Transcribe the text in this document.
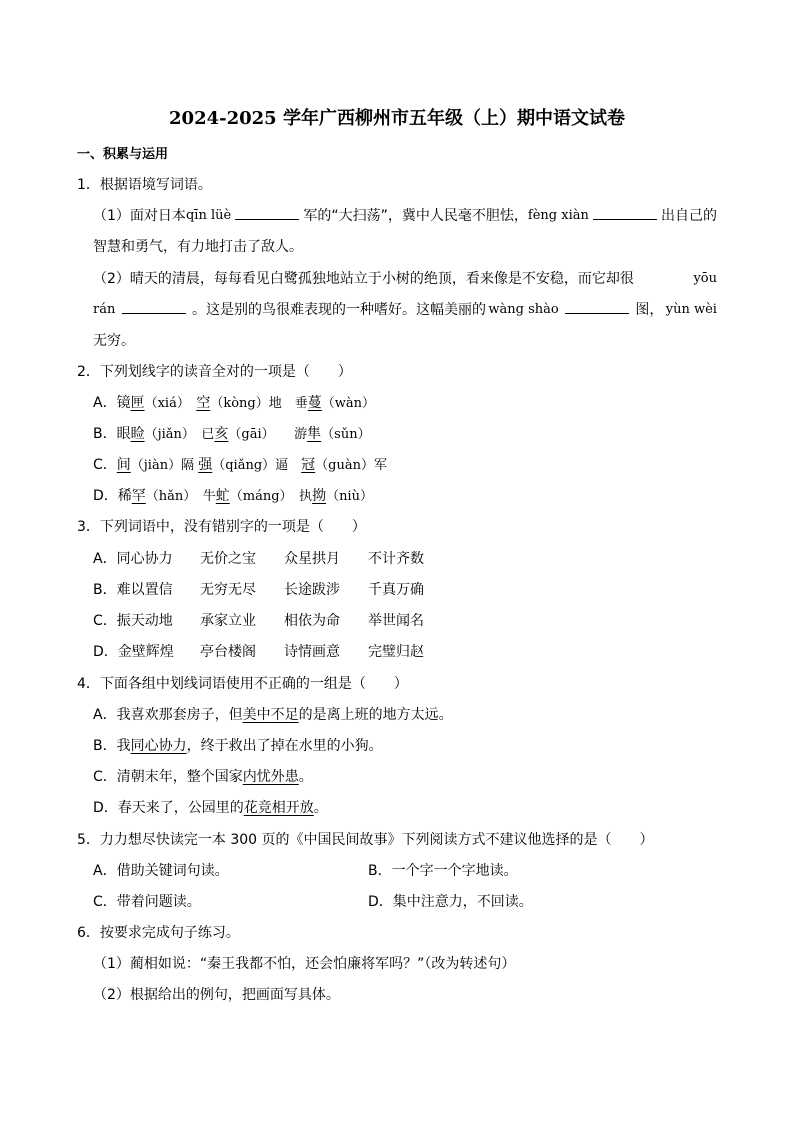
2024-2025 学年广西柳州市五年级（上）期中语文试卷
一、积累与运用
1．根据语境写词语。
（1）面对日本 qīn lüè	军的“大扫荡”，冀中人民毫不胆怯， fèng xiàn	出自己的
智慧和勇气，有力地打击了敌人。
（2）晴天的清晨，每每看见白鹭孤独地站立于小树的绝顶，看来像是不安稳，而它却很	yōu
rán	。这是别的鸟很难表现的一种嗜好。这幅美丽的 wàng shào	图， yùn wèi
无穷。
2．下列划线字的读音全对的一项是（　　）
A．镜匣（xiá）　空（kòng）地　垂蔓（wàn）
B．眼睑（jiǎn）　已亥（gāi）　　游隼（sǔn）
C．间（jiàn）隔 强（qiǎng）逼　冠（guàn）军
D．稀罕（hǎn）　牛虻（máng）　执拗（niù）
3．下列词语中，没有错别字的一项是（　　）
A．同心协力 无价之宝 众星拱月 不计齐数
B．难以置信 无穷无尽 长途跋涉 千真万确
C．振天动地 承家立业 相依为命 举世闻名
D．金壁辉煌 亭台楼阁 诗情画意 完璧归赵
4．下面各组中划线词语使用不正确的一组是（　　）
A．我喜欢那套房子，但美中不足的是离上班的地方太远。
B．我同心协力，终于救出了掉在水里的小狗。
C．清朝末年，整个国家内忧外患。
D．春天来了，公园里的花竞相开放。
5．力力想尽快读完一本 300 页的《中国民间故事》下列阅读方式不建议他选择的是（　　）
A．借助关键词句读。	B．一个字一个字地读。
C．带着问题读。	D．集中注意力，不回读。
6．按要求完成句子练习。
（1）蔺相如说：“秦王我都不怕，还会怕廉将军吗？”（改为转述句）
（2）根据给出的例句，把画面写具体。
